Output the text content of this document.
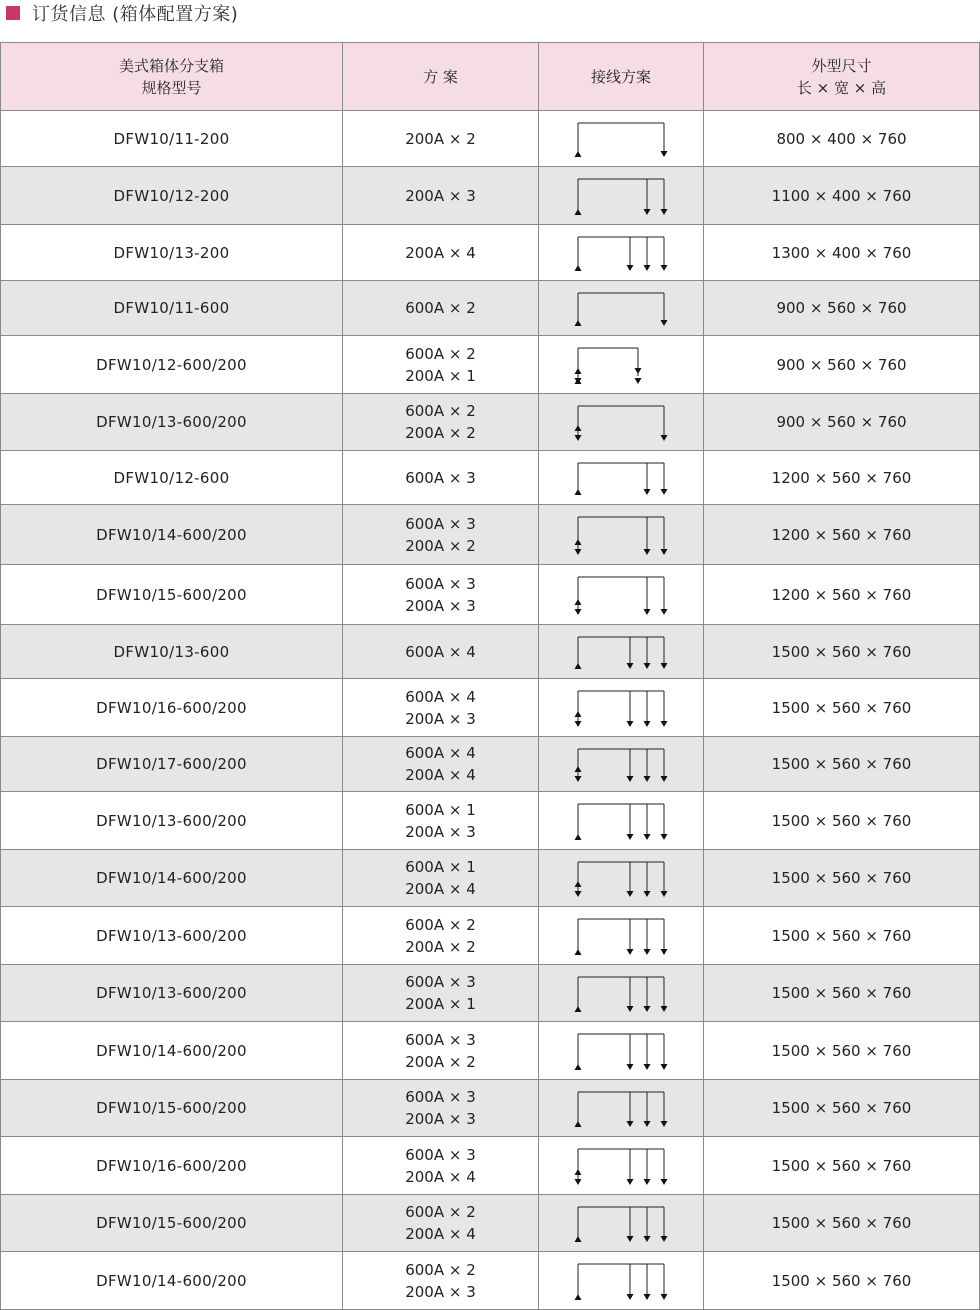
订货信息 (箱体配置方案)
美式箱体分支箱
规格型号	方 案	接线方案	外型尺寸
长 × 宽 × 高

DFW10/11-200	200A × 2		800 × 400 × 760
DFW10/12-200	200A × 3		1100 × 400 × 760
DFW10/13-200	200A × 4		1300 × 400 × 760
DFW10/11-600	600A × 2		900 × 560 × 760
DFW10/12-600/200	600A × 2
200A × 1		900 × 560 × 760
DFW10/13-600/200	600A × 2
200A × 2		900 × 560 × 760
DFW10/12-600	600A × 3		1200 × 560 × 760
DFW10/14-600/200	600A × 3
200A × 2		1200 × 560 × 760
DFW10/15-600/200	600A × 3
200A × 3		1200 × 560 × 760
DFW10/13-600	600A × 4		1500 × 560 × 760
DFW10/16-600/200	600A × 4
200A × 3		1500 × 560 × 760
DFW10/17-600/200	600A × 4
200A × 4		1500 × 560 × 760
DFW10/13-600/200	600A × 1
200A × 3		1500 × 560 × 760
DFW10/14-600/200	600A × 1
200A × 4		1500 × 560 × 760
DFW10/13-600/200	600A × 2
200A × 2		1500 × 560 × 760
DFW10/13-600/200	600A × 3
200A × 1		1500 × 560 × 760
DFW10/14-600/200	600A × 3
200A × 2		1500 × 560 × 760
DFW10/15-600/200	600A × 3
200A × 3		1500 × 560 × 760
DFW10/16-600/200	600A × 3
200A × 4		1500 × 560 × 760
DFW10/15-600/200	600A × 2
200A × 4		1500 × 560 × 760
DFW10/14-600/200	600A × 2
200A × 3		1500 × 560 × 760
